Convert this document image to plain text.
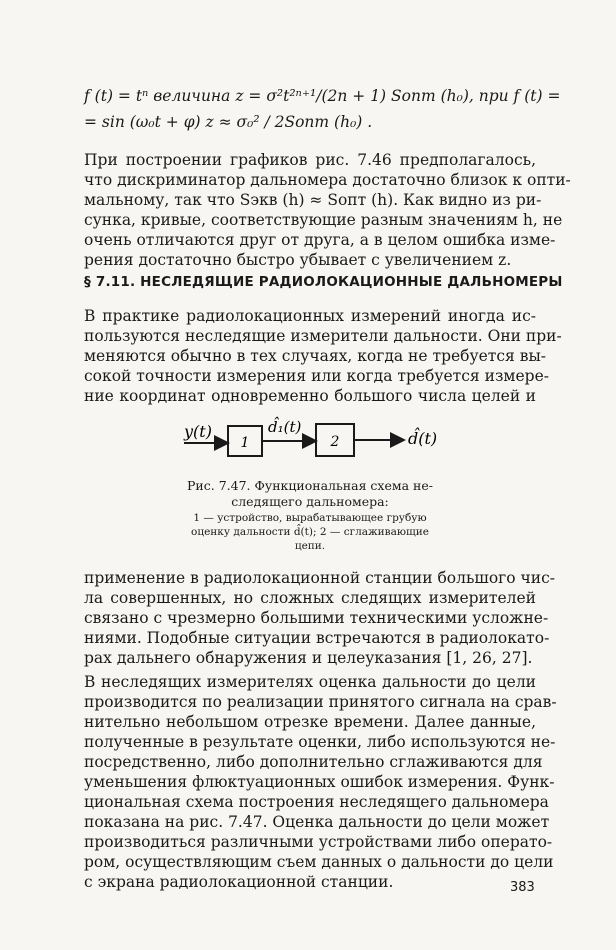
f (t) = tⁿ величина z = σ²t²ⁿ⁺¹/(2n + 1) Sопт (h₀), при f (t) =
= sin (ω₀t + φ) z ≈ σ₀² / 2Sопт (h₀) .
При построении графиков рис. 7.46 предполагалось,
что дискриминатор дальномера достаточно близок к опти-
мальному, так что Sэкв (h) ≈ Sопт (h). Как видно из ри-
сунка, кривые, соответствующие разным значениям h, не
очень отличаются друг от друга, а в целом ошибка изме-
рения достаточно быстро убывает с увеличением z.
§ 7.11. НЕСЛЕДЯЩИЕ РАДИОЛОКАЦИОННЫЕ ДАЛЬНОМЕРЫ
В практике радиолокационных измерений иногда ис-
пользуются неследящие измерители дальности. Они при-
меняются обычно в тех случаях, когда не требуется вы-
сокой точности измерения или когда требуется измере-
ние координат одновременно большого числа целей и
y(t)
1
d̂₁(t)
2	d̂(t)
Рис. 7.47. Функциональная схема не-
следящего дальномера:
1 — устройство, вырабатывающее грубую
оценку дальности d̂(t); 2 — сглаживающие
цепи.
применение в радиолокационной станции большого чис-
ла совершенных, но сложных следящих измерителей
связано с чрезмерно большими техническими усложне-
ниями. Подобные ситуации встречаются в радиолокато-
рах дальнего обнаружения и целеуказания [1, 26, 27].
В неследящих измерителях оценка дальности до цели
производится по реализации принятого сигнала на срав-
нительно небольшом отрезке времени. Далее данные,
полученные в результате оценки, либо используются не-
посредственно, либо дополнительно сглаживаются для
уменьшения флюктуационных ошибок измерения. Функ-
циональная схема построения неследящего дальномера
показана на рис. 7.47. Оценка дальности до цели может
производиться различными устройствами либо операто-
ром, осуществляющим съем данных о дальности до цели
с экрана радиолокационной станции.	383
